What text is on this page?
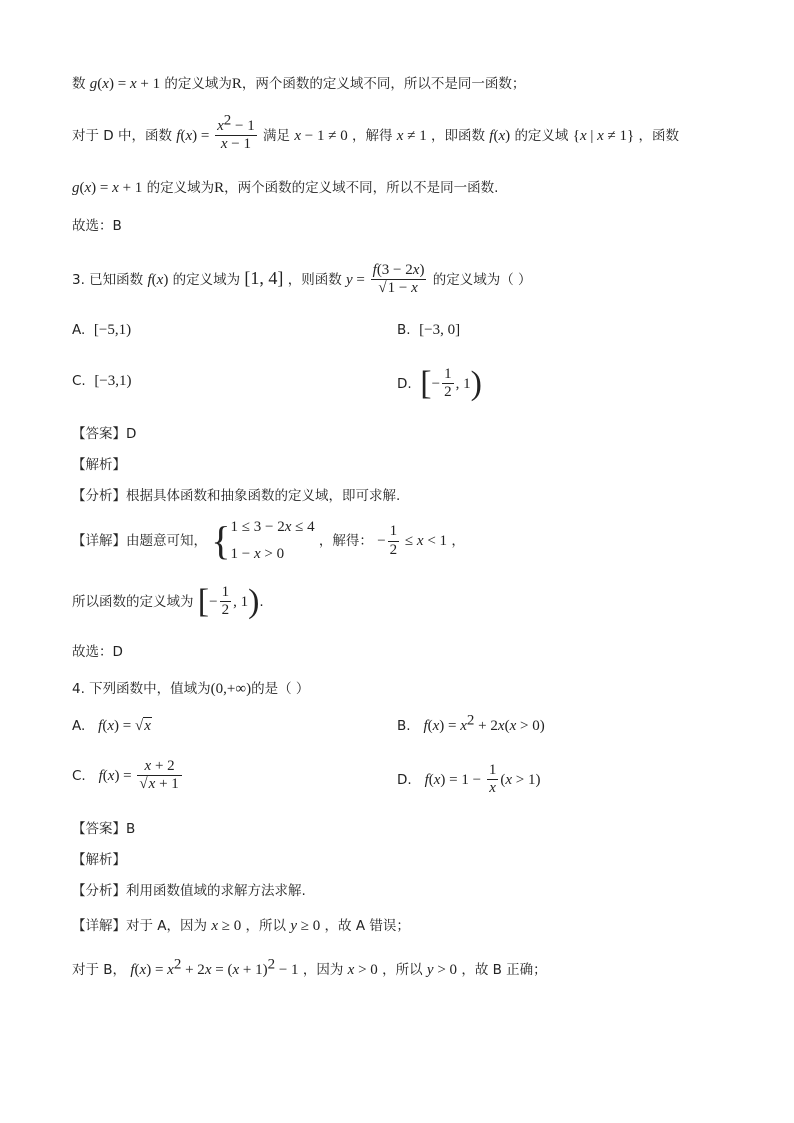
数 g(x) = x + 1 的定义域为R，两个函数的定义域不同，所以不是同一函数；
对于 D 中，函数 $f(x) = \frac{x^2 - 1}{x - 1}$ 满足 x − 1 ≠ 0 ，解得 x ≠ 1 ，即函数 f(x) 的定义域 {x | x ≠ 1} ，函数
g(x) = x + 1 的定义域为R，两个函数的定义域不同，所以不是同一函数.
故选：B
3. 已知函数 f(x) 的定义域为 [1, 4] ，则函数 $y = \frac{f(3 - 2x)}{√1 - x}$ 的定义域为（ ）
A. [−5,1)	B. [−3, 0]
C. [−3,1)	D. [− $\frac{1}{2}$ , 1)
【答案】D
【解析】
【分析】根据具体函数和抽象函数的定义域，即可求解.
【详解】由题意可知， { 1 ≤ 3 − 2x ≤ 4
1 − x > 0
，解得： − $\frac{1}{2} \le x < 1$ ，
所以函数的定义域为 [− $\frac{1}{2}$ , 1).
故选：D
4. 下列函数中，值域为(0,+∞)的是（ ）
A. f(x) = √x	B. $f(x) = x^2 + 2x(x > 0)$
C. $f(x) = \frac{x + 2}{√x + 1}$	D. $f(x) = 1 - \frac{1}{x} (x > 1)$
【答案】B
【解析】
【分析】利用函数值域的求解方法求解.
【详解】对于 A，因为 x ≥ 0 ，所以 y ≥ 0 ，故 A 错误；
对于 B， $f(x) = x^2 + 2x = (x + 1)^2 - 1$ ，因为 x > 0 ，所以 y > 0 ，故 B 正确；
